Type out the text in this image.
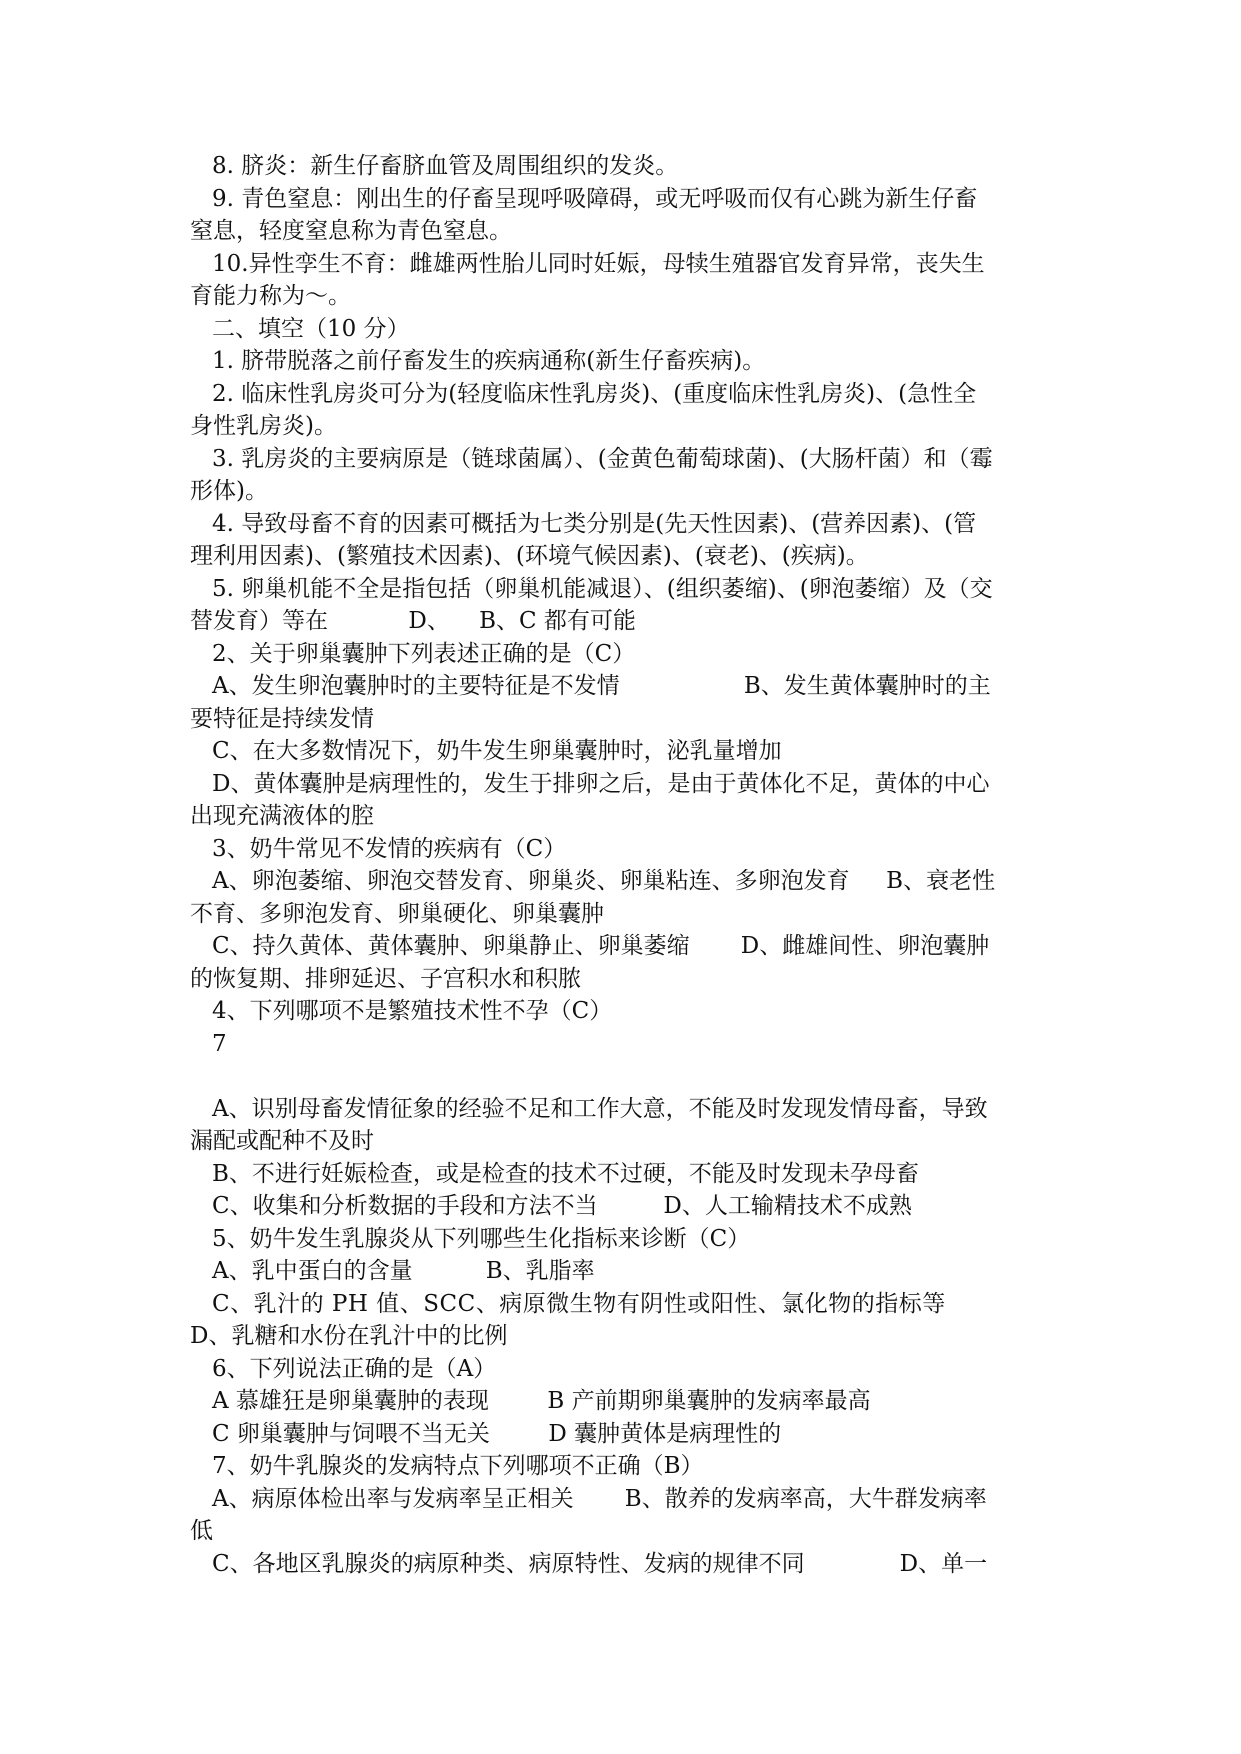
8. 脐炎：新生仔畜脐血管及周围组织的发炎。
9. 青色窒息：刚出生的仔畜呈现呼吸障碍，或无呼吸而仅有心跳为新生仔畜
窒息，轻度窒息称为青色窒息。
10.异性孪生不育：雌雄两性胎儿同时妊娠，母犊生殖器官发育异常，丧失生
育能力称为～。
二、填空（10 分）
1. 脐带脱落之前仔畜发生的疾病通称(新生仔畜疾病)。
2. 临床性乳房炎可分为(轻度临床性乳房炎)、(重度临床性乳房炎)、(急性全
身性乳房炎)。
3. 乳房炎的主要病原是（链球菌属）、(金黄色葡萄球菌)、(大肠杆菌）和（霉
形体)。
4. 导致母畜不育的因素可概括为七类分别是(先天性因素)、(营养因素)、(管
理利用因素)、(繁殖技术因素)、(环境气候因素)、(衰老)、(疾病)。
5. 卵巢机能不全是指包括（卵巢机能减退）、(组织萎缩)、(卵泡萎缩）及（交
替发育）等在           D、    B、C 都有可能
2、关于卵巢囊肿下列表述正确的是（C）
A、发生卵泡囊肿时的主要特征是不发情                 B、发生黄体囊肿时的主
要特征是持续发情
C、在大多数情况下，奶牛发生卵巢囊肿时，泌乳量增加
D、黄体囊肿是病理性的，发生于排卵之后，是由于黄体化不足，黄体的中心
出现充满液体的腔
3、奶牛常见不发情的疾病有（C）
A、卵泡萎缩、卵泡交替发育、卵巢炎、卵巢粘连、多卵泡发育     B、衰老性
不育、多卵泡发育、卵巢硬化、卵巢囊肿
C、持久黄体、黄体囊肿、卵巢静止、卵巢萎缩       D、雌雄间性、卵泡囊肿
的恢复期、排卵延迟、子宫积水和积脓
4、下列哪项不是繁殖技术性不孕（C）
7
A、识别母畜发情征象的经验不足和工作大意，不能及时发现发情母畜，导致
漏配或配种不及时
B、不进行妊娠检查，或是检查的技术不过硬，不能及时发现未孕母畜
C、收集和分析数据的手段和方法不当         D、人工输精技术不成熟
5、奶牛发生乳腺炎从下列哪些生化指标来诊断（C）
A、乳中蛋白的含量          B、乳脂率
C、乳汁的 PH 值、SCC、病原微生物有阴性或阳性、氯化物的指标等
D、乳糖和水份在乳汁中的比例
6、下列说法正确的是（A）
A 慕雄狂是卵巢囊肿的表现        B 产前期卵巢囊肿的发病率最高
C 卵巢囊肿与饲喂不当无关        D 囊肿黄体是病理性的
7、奶牛乳腺炎的发病特点下列哪项不正确（B）
A、病原体检出率与发病率呈正相关       B、散养的发病率高，大牛群发病率
低
C、各地区乳腺炎的病原种类、病原特性、发病的规律不同             D、单一
